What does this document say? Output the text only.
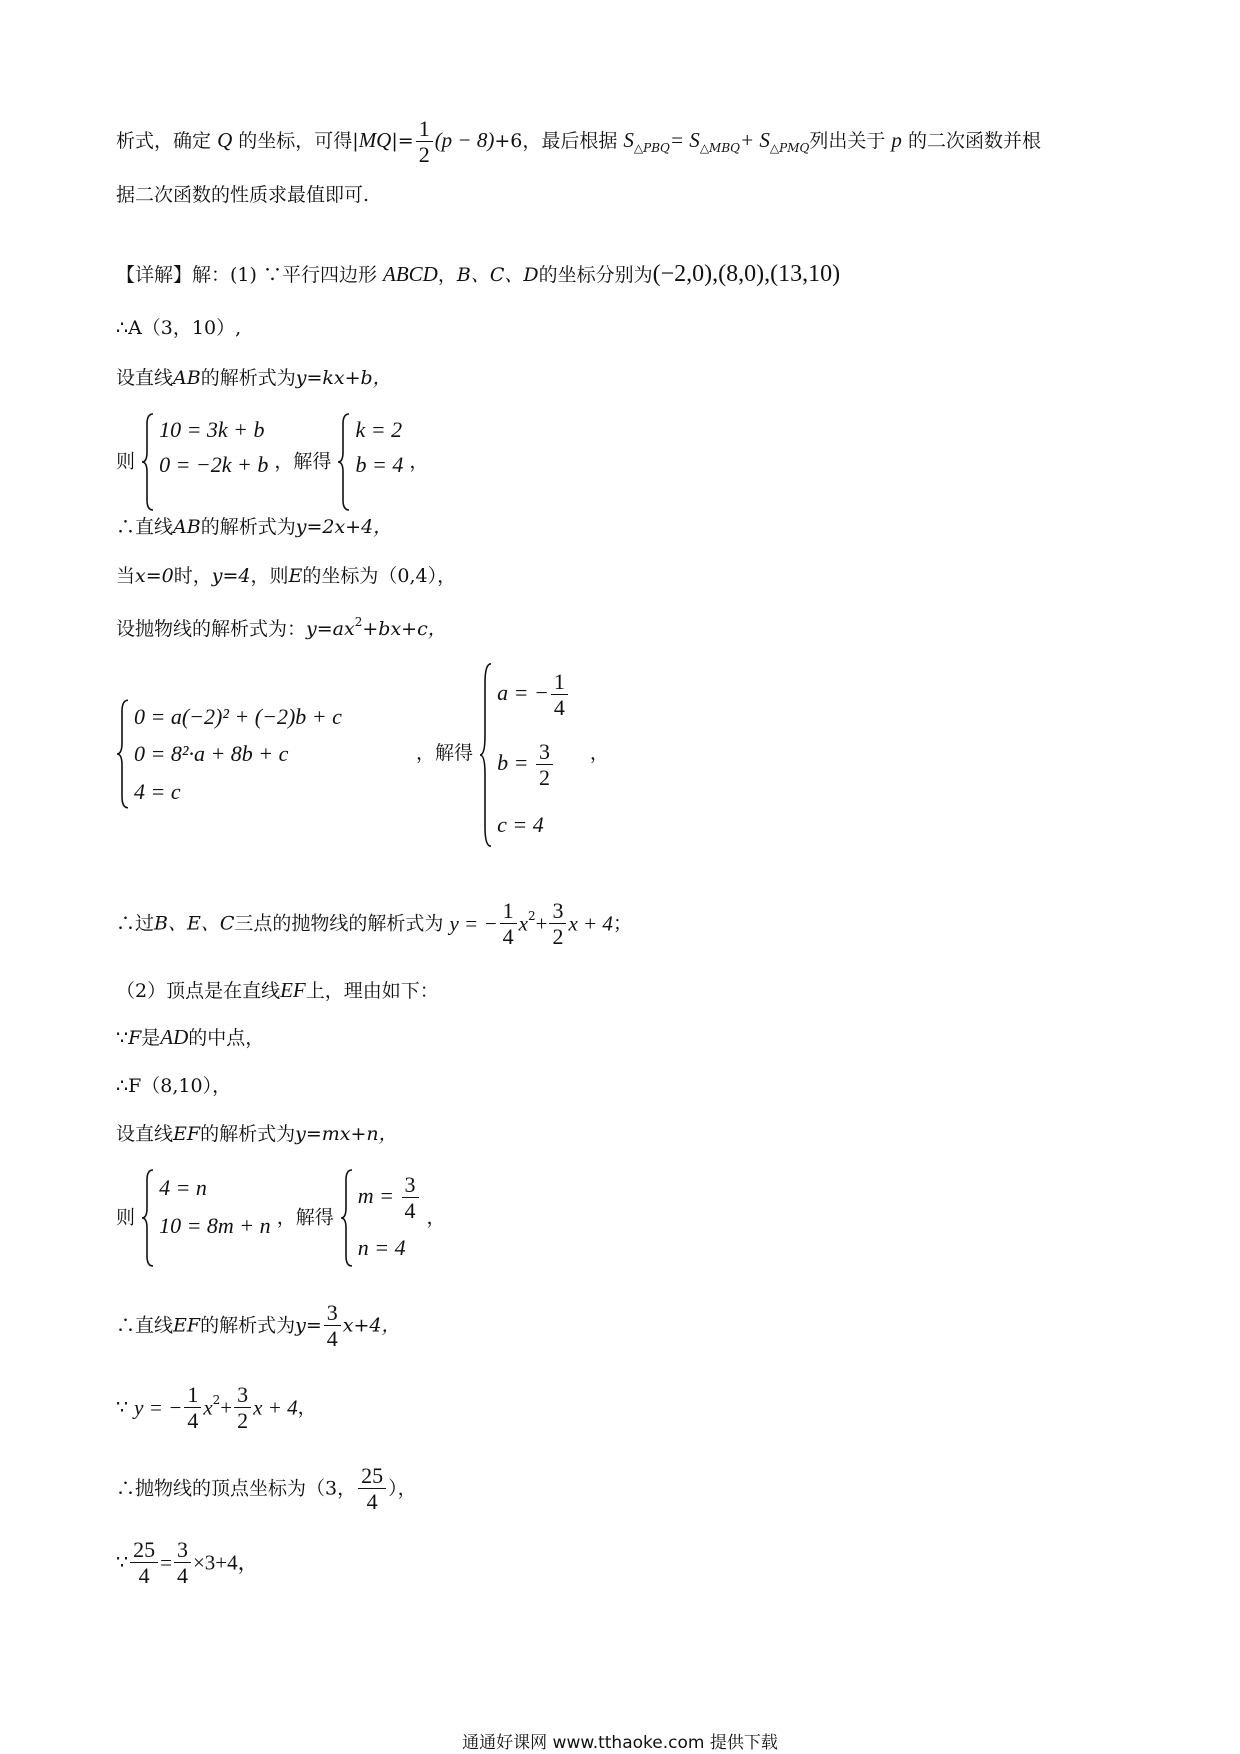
析式，确定 Q 的坐标，可得$|MQ|= \frac{1}{2} (p - 8)+6$，最后根据 $S_{\triangle PBQ}= S_{\triangle MBQ}+ S_{\triangle PMQ}$列出关于 p 的二次函数并根
据二次函数的性质求最值即可.
【详解】解：(1) ∵平行四边形 ABCD，B、C、D的坐标分别为(−2,0),(8,0),(13,10)
∴A（3，10）,
设直线AB的解析式为y=kx+b，
则
10 = 3k + b
0 = −2k + b ，解得
k = 2
b = 4 ，
∴直线AB的解析式为y=2x+4，
当x=0时，y=4，则E的坐标为（0,4），
设抛物线的解析式为：$y=ax^2+bx+c$，
0 = a(−2)² + (−2)b + c
0 = 8²·a + 8b + c
4 = c
，解得
a = − $\frac{1}{4}$
$b = \frac{3}{2}$
c = 4
，
∴过B、E、C三点的抛物线的解析式为 y = − $\frac{1}{4} x^2+ \frac{3}{2}$ x + 4；
（2）顶点是在直线EF上，理由如下：
∵F是AD的中点，
∴F（8,10），
设直线EF的解析式为y=mx+n，
则
4 = n
10 = 8m + n ，解得
$m = \frac{3}{4}$
n = 4
，
∴直线EF的解析式为$y= \frac{3}{4} x+4$，
∵ y = − $\frac{1}{4} x^2+ \frac{3}{2}$ x + 4，
∴抛物线的顶点坐标为（3， $\frac{25}{4}$ ），
∵ $\frac{25}{4} = \frac{3}{4} \times 3+4$，
通通好课网 www.tthaoke.com 提供下载
